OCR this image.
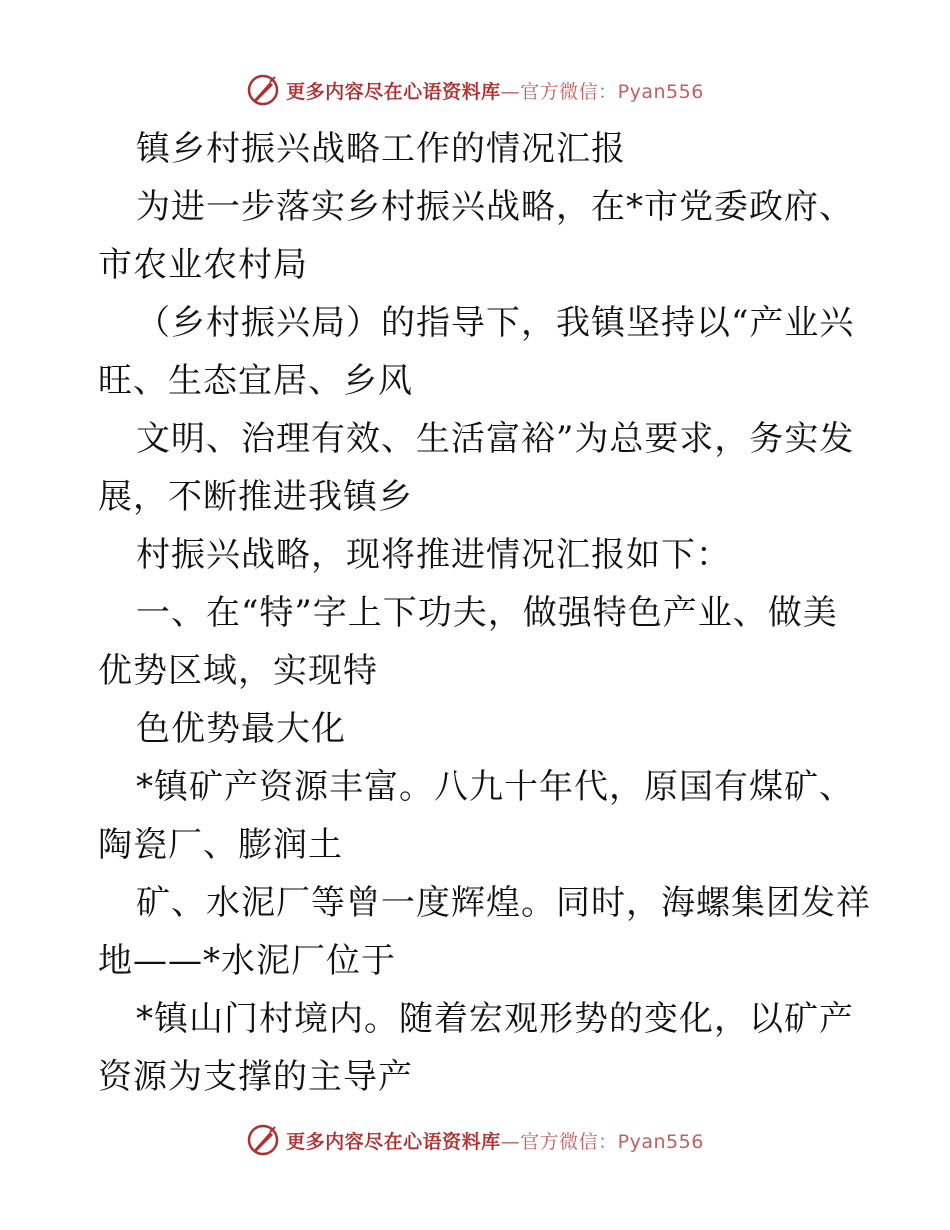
更多内容尽在心语资料库—官方微信：Pyan556
镇乡村振兴战略工作的情况汇报
为进一步落实乡村振兴战略，在*市党委政府、
市农业农村局
（乡村振兴局）的指导下，我镇坚持以“产业兴
旺、生态宜居、乡风
文明、治理有效、生活富裕”为总要求，务实发
展，不断推进我镇乡
村振兴战略，现将推进情况汇报如下：
一、在“特”字上下功夫，做强特色产业、做美
优势区域，实现特
色优势最大化
*镇矿产资源丰富。八九十年代，原国有煤矿、
陶瓷厂、膨润土
矿、水泥厂等曾一度辉煌。同时，海螺集团发祥
地——*水泥厂位于
*镇山门村境内。随着宏观形势的变化，以矿产
资源为支撑的主导产
更多内容尽在心语资料库—官方微信：Pyan556
